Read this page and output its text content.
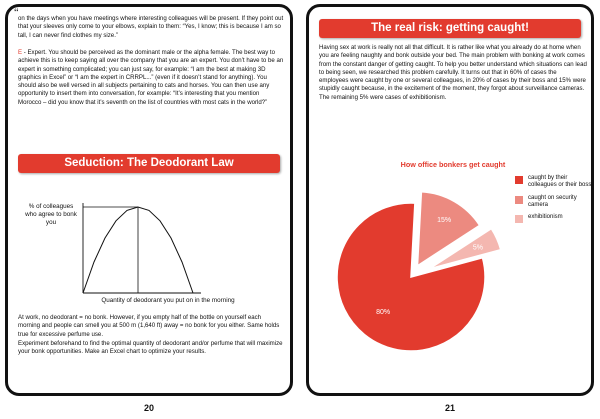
‘‘
on the days when you have meetings where interesting colleagues will be present. If they point out that your sleeves only come to your elbows, explain to them: “Yes, I know; this is because I am so tall, I can never find clothes my size.”
E - Expert. You should be perceived as the dominant male or the alpha female. The best way to achieve this is to keep saying all over the company that you are an expert. You don’t have to be an expert in something complicated; you can just say, for example: “I am the best at making 3D graphics in Excel” or “I am the expert in CRRPL...” (even if it doesn’t stand for anything). You should also be well versed in all subjects pertaining to cats and horses. You can then use any opportunity to insert them into conversation, for example: “It’s interesting that you mention Morocco – did you know that it’s seventh on the list of countries with most cats in the world?”
Seduction: The Deodorant Law
% of colleagues who agree to bonk you
Quantity of deodorant you put on in the morning
At work, no deodorant = no bonk. However, if you empty half of the bottle on yourself each morning and people can smell you at 500 m (1,640 ft) away = no bonk for you either. Same holds true for excessive perfume use.
Experiment beforehand to find the optimal quantity of deodorant and/or perfume that will maximize your bonk opportunities. Make an Excel chart to optimize your results.
20
The real risk: getting caught!
Having sex at work is really not all that difficult. It is rather like what you already do at home when you are feeling naughty and bonk outside your bed. The main problem with bonking at work comes from the constant danger of getting caught. To help you better understand which situations can lead to being seen, we researched this problem carefully. It turns out that in 60% of cases the employees were caught by one or several colleagues, in 20% of cases by their boss and 15% were stupidly caught because, in the excitement of the moment, they forgot about surveillance cameras. The remaining 5% were cases of exhibitionism.
How office bonkers get caught
80%
15%
5%
caught by their colleagues or their boss
caught on security camera
exhibitionism
21
